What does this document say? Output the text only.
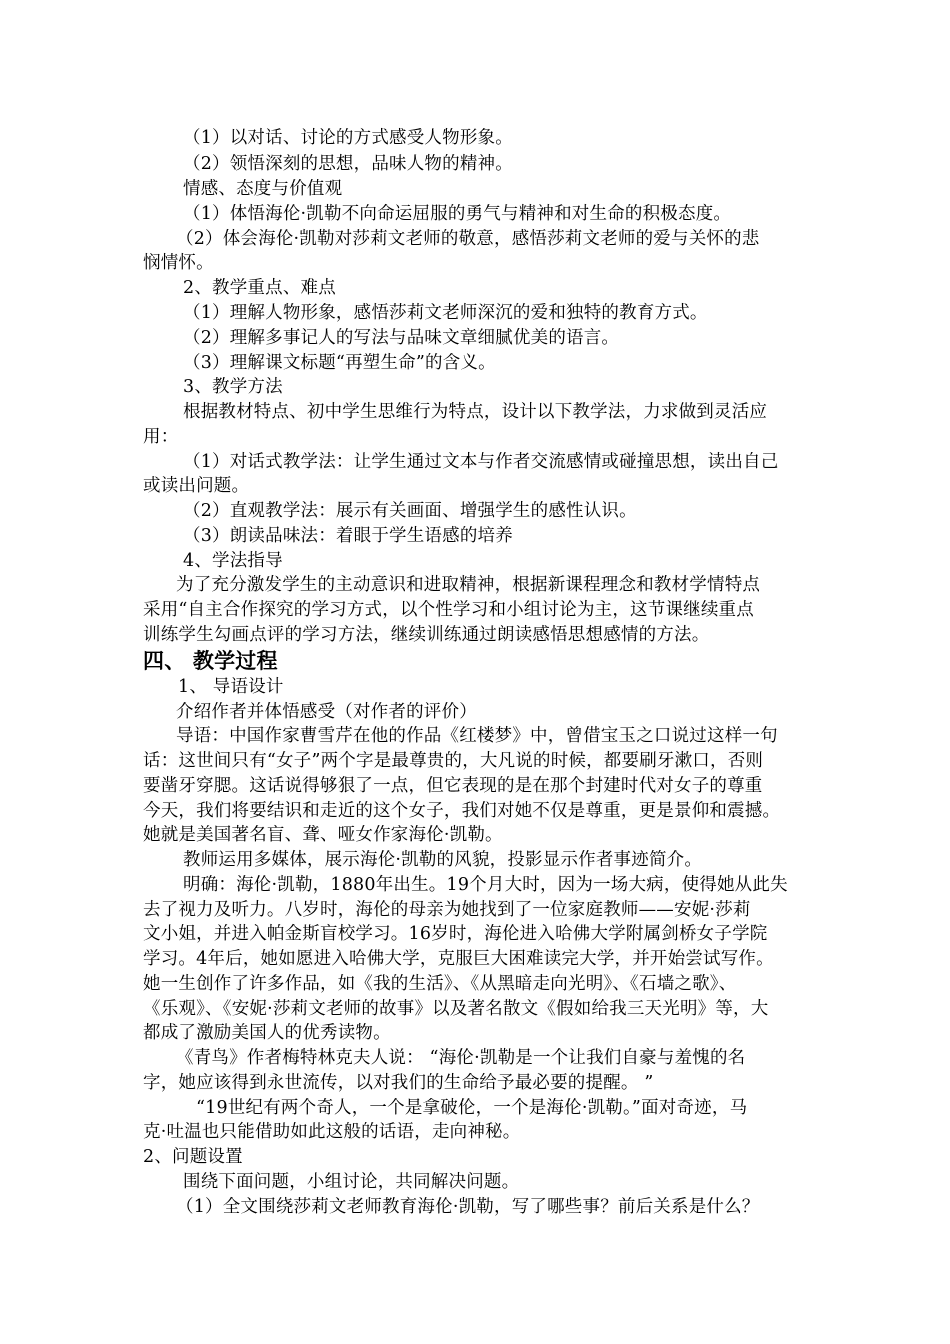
（1）以对话、讨论的方式感受人物形象。
（2）领悟深刻的思想，品味人物的精神。
情感、态度与价值观
（1）体悟海伦·凯勒不向命运屈服的勇气与精神和对生命的积极态度。
（2）体会海伦·凯勒对莎莉文老师的敬意，感悟莎莉文老师的爱与关怀的悲
悯情怀。
2、教学重点、难点
（1）理解人物形象，感悟莎莉文老师深沉的爱和独特的教育方式。
（2）理解多事记人的写法与品味文章细腻优美的语言。
（3）理解课文标题“再塑生命”的含义。
3、教学方法
根据教材特点、初中学生思维行为特点，设计以下教学法，力求做到灵活应
用：
（1）对话式教学法：让学生通过文本与作者交流感情或碰撞思想，读出自己
或读出问题。
（2）直观教学法：展示有关画面、增强学生的感性认识。
（3）朗读品味法：着眼于学生语感的培养
4、学法指导
为了充分激发学生的主动意识和进取精神，根据新课程理念和教材学情特点
采用“自主合作探究的学习方式，以个性学习和小组讨论为主，这节课继续重点
训练学生勾画点评的学习方法，继续训练通过朗读感悟思想感情的方法。
四、 教学过程
1、 导语设计
介绍作者并体悟感受（对作者的评价）
导语：中国作家曹雪芹在他的作品《红楼梦》中，曾借宝玉之口说过这样一句
话：这世间只有“女子”两个字是最尊贵的，大凡说的时候，都要刷牙漱口，否则
要凿牙穿腮。这话说得够狠了一点，但它表现的是在那个封建时代对女子的尊重
今天，我们将要结识和走近的这个女子，我们对她不仅是尊重，更是景仰和震撼。
她就是美国著名盲、聋、哑女作家海伦·凯勒。
教师运用多媒体，展示海伦·凯勒的风貌，投影显示作者事迹简介。
明确：海伦·凯勒，1880年出生。19个月大时，因为一场大病，使得她从此失
去了视力及听力。八岁时，海伦的母亲为她找到了一位家庭教师——安妮·莎莉
文小姐，并进入帕金斯盲校学习。16岁时，海伦进入哈佛大学附属剑桥女子学院
学习。4年后，她如愿进入哈佛大学，克服巨大困难读完大学，并开始尝试写作。
她一生创作了许多作品，如《我的生活》、《从黑暗走向光明》、《石墙之歌》、
《乐观》、《安妮·莎莉文老师的故事》以及著名散文《假如给我三天光明》等，大
都成了激励美国人的优秀读物。
《青鸟》作者梅特林克夫人说： “海伦·凯勒是一个让我们自豪与羞愧的名
字，她应该得到永世流传，以对我们的生命给予最必要的提醒。 ”
“19世纪有两个奇人，一个是拿破伦，一个是海伦·凯勒。”面对奇迹，马
克·吐温也只能借助如此这般的话语，走向神秘。
2、问题设置
围绕下面问题，小组讨论，共同解决问题。
（1）全文围绕莎莉文老师教育海伦·凯勒，写了哪些事？前后关系是什么？
